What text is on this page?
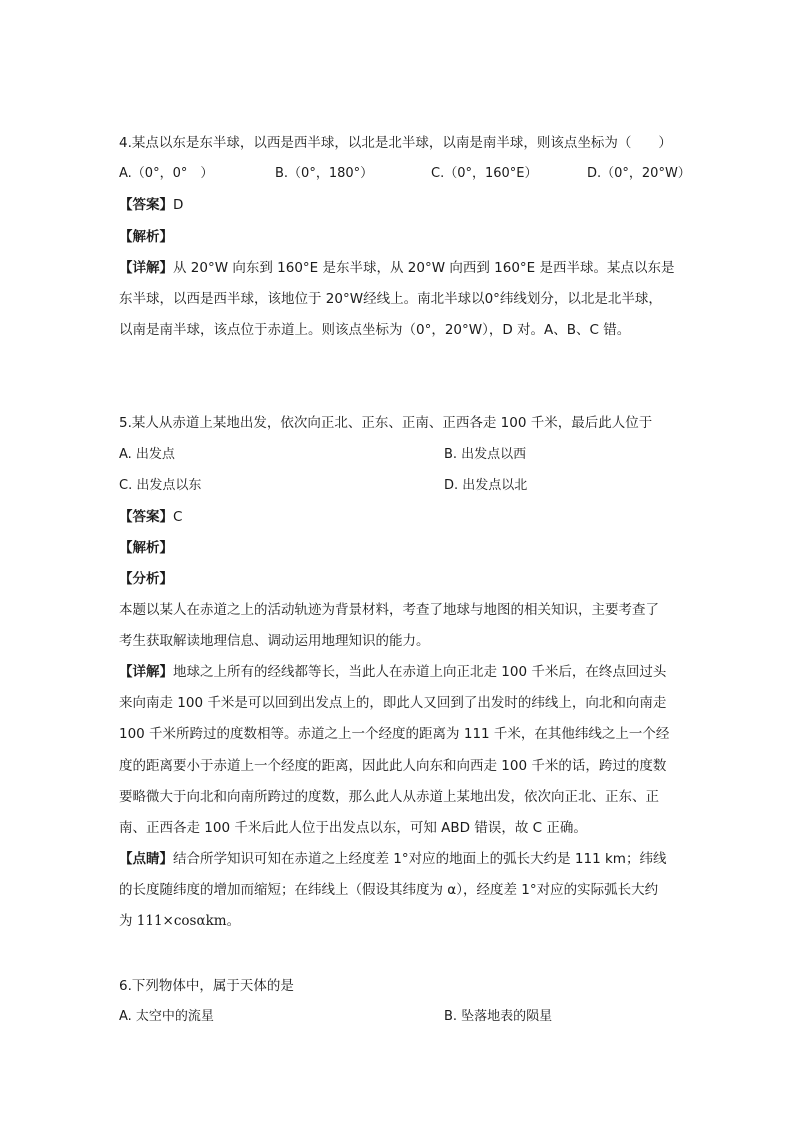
4.某点以东是东半球，以西是西半球，以北是北半球，以南是南半球，则该点坐标为（　　）
A.（0°，0°　）	B.（0°，180°）	C.（0°，160°E）	D.（0°，20°W）
【答案】D
【解析】
【详解】从 20°W 向东到 160°E 是东半球，从 20°W 向西到 160°E 是西半球。某点以东是
东半球，以西是西半球，该地位于 20°W经线上。南北半球以0°纬线划分，以北是北半球，
以南是南半球，该点位于赤道上。则该点坐标为（0°，20°W），D 对。A、B、C 错。
5.某人从赤道上某地出发，依次向正北、正东、正南、正西各走 100 千米，最后此人位于
A. 出发点	B. 出发点以西
C. 出发点以东	D. 出发点以北
【答案】C
【解析】
【分析】
本题以某人在赤道之上的活动轨迹为背景材料，考查了地球与地图的相关知识，主要考查了
考生获取解读地理信息、调动运用地理知识的能力。
【详解】地球之上所有的经线都等长，当此人在赤道上向正北走 100 千米后，在终点回过头
来向南走 100 千米是可以回到出发点上的，即此人又回到了出发时的纬线上，向北和向南走
100 千米所跨过的度数相等。赤道之上一个经度的距离为 111 千米，在其他纬线之上一个经
度的距离要小于赤道上一个经度的距离，因此此人向东和向西走 100 千米的话，跨过的度数
要略微大于向北和向南所跨过的度数，那么此人从赤道上某地出发，依次向正北、正东、正
南、正西各走 100 千米后此人位于出发点以东，可知 ABD 错误，故 C 正确。
【点睛】结合所学知识可知在赤道之上经度差 1°对应的地面上的弧长大约是 111 km；纬线
的长度随纬度的增加而缩短；在纬线上（假设其纬度为 α），经度差 1°对应的实际弧长大约
为 111×cosαkm。
6.下列物体中，属于天体的是
A. 太空中的流星	B. 坠落地表的陨星
